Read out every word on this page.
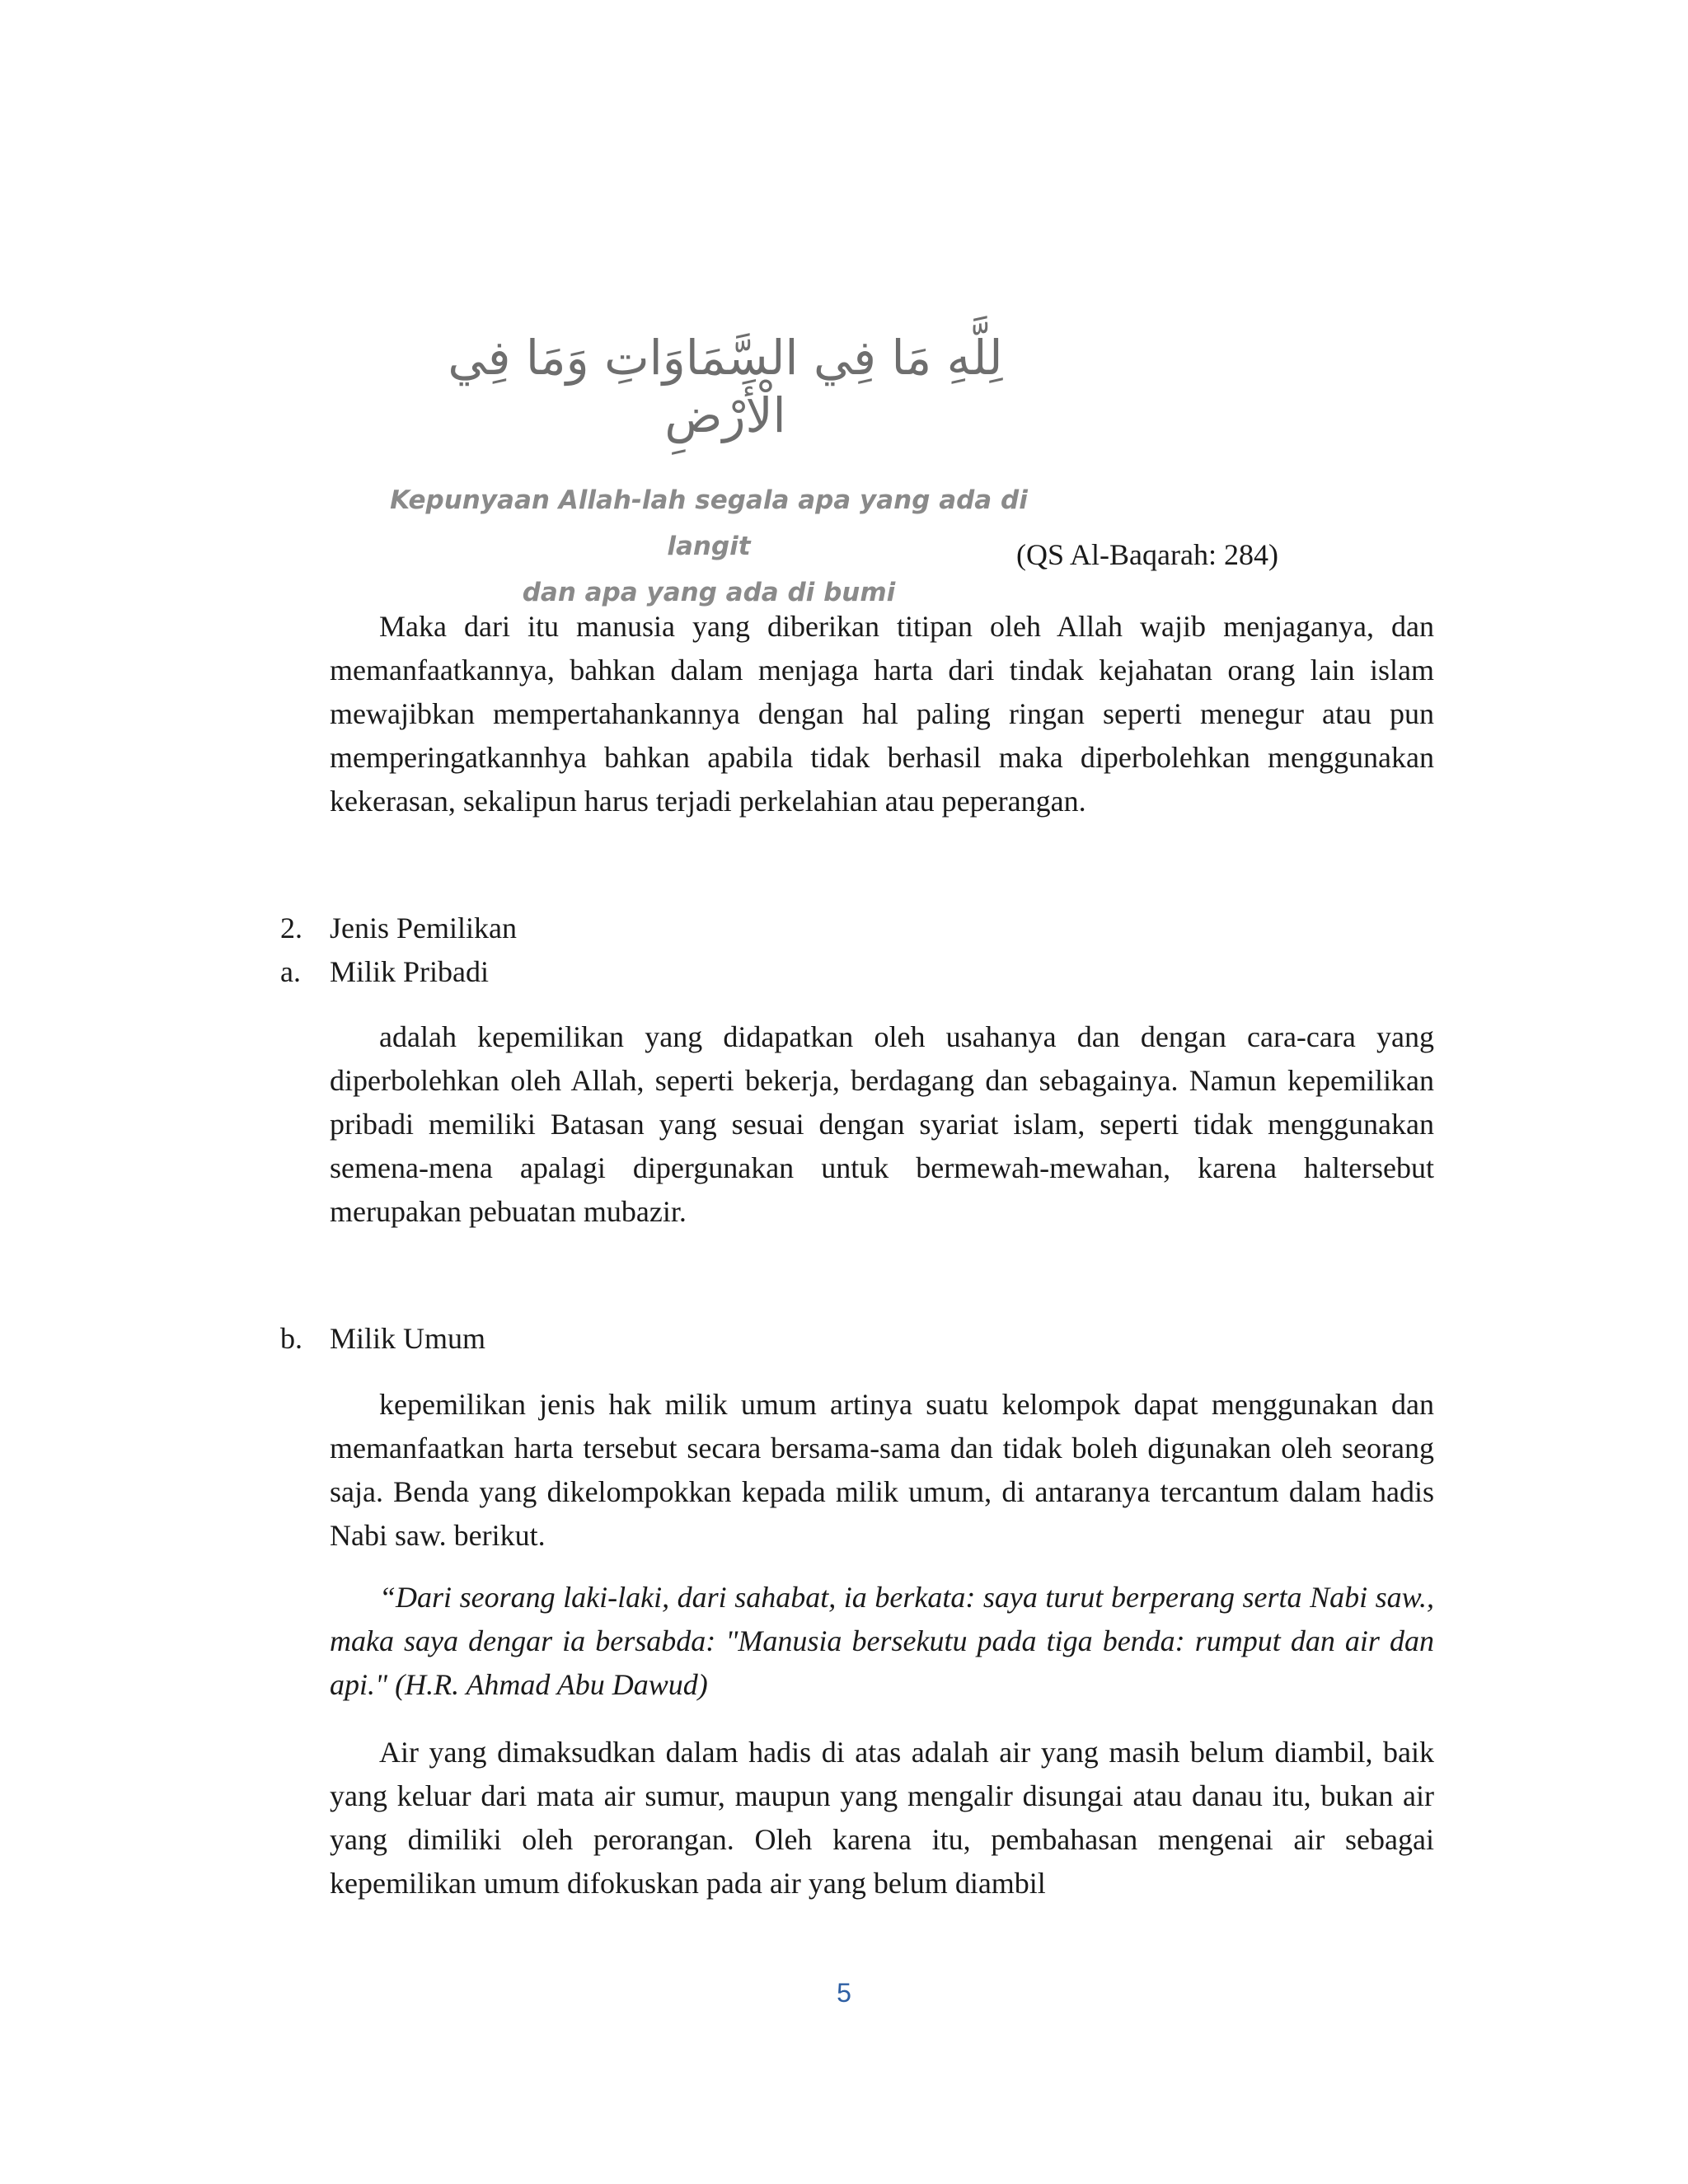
لِلَّهِ مَا فِي السَّمَاوَاتِ وَمَا فِي الْأَرْضِ

Kepunyaan Allah-lah segala apa yang ada di langit
dan apa yang ada di bumi
(QS Al-Baqarah: 284)

Maka dari itu manusia yang diberikan titipan oleh Allah wajib menjaganya, dan memanfaatkannya, bahkan dalam menjaga harta dari tindak kejahatan orang lain islam mewajibkan mempertahankannya dengan hal paling ringan seperti menegur atau pun memperingatkannhya bahkan apabila tidak berhasil maka diperbolehkan menggunakan kekerasan, sekalipun harus terjadi perkelahian atau peperangan.

2. Jenis Pemilikan
a. Milik Pribadi

adalah kepemilikan yang didapatkan oleh usahanya dan dengan cara-cara yang diperbolehkan oleh Allah, seperti bekerja, berdagang dan sebagainya. Namun kepemilikan pribadi memiliki Batasan yang sesuai dengan syariat islam, seperti tidak menggunakan semena-mena apalagi dipergunakan untuk bermewah-mewahan, karena haltersebut merupakan pebuatan mubazir.

b. Milik Umum

kepemilikan jenis hak milik umum artinya suatu kelompok dapat menggunakan dan memanfaatkan harta tersebut secara bersama-sama dan tidak boleh digunakan oleh seorang saja. Benda yang dikelompokkan kepada milik umum, di antaranya tercantum dalam hadis Nabi saw. berikut.

“Dari seorang laki-laki, dari sahabat, ia berkata: saya turut berperang serta Nabi saw., maka saya dengar ia bersabda: "Manusia bersekutu pada tiga benda: rumput dan air dan api." (H.R. Ahmad Abu Dawud)

Air yang dimaksudkan dalam hadis di atas adalah air yang masih belum diambil, baik yang keluar dari mata air sumur, maupun yang mengalir disungai atau danau itu, bukan air yang dimiliki oleh perorangan. Oleh karena itu, pembahasan mengenai air sebagai kepemilikan umum difokuskan pada air yang belum diambil

5
